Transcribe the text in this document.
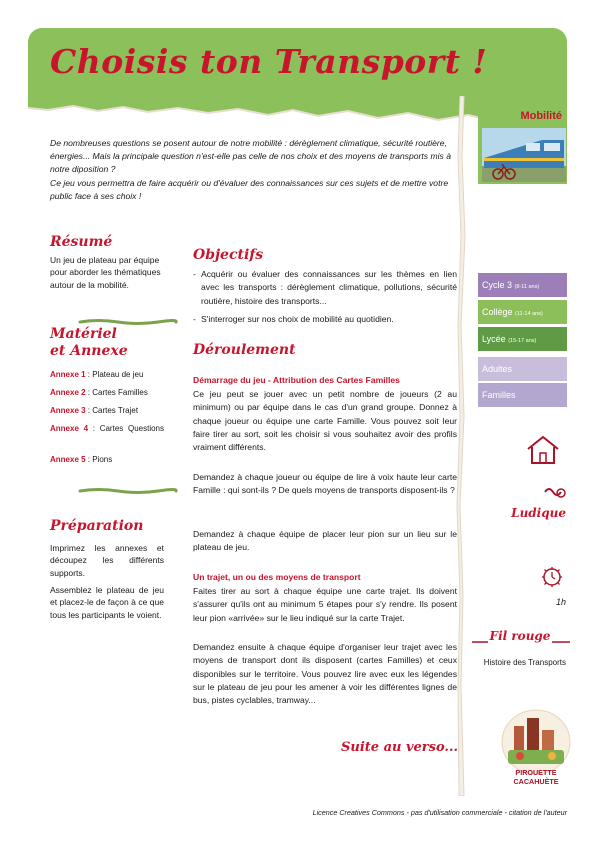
Choisis ton Transport !

De nombreuses questions se posent autour de notre mobilité : dérèglement climatique, sécurité routière, énergies... Mais la principale question n'est-elle pas celle de nos choix et des moyens de transports mis à notre diposition ?

Ce jeu vous permettra de faire acquérir ou d'évaluer des connaissances sur ces sujets et de mettre votre public face à ses choix !

Résumé
Un jeu de plateau par équipe pour aborder les thématiques autour de la mobilité.
Matériel
et Annexe
Annexe 1 : Plateau de jeu
Annexe 2 : Cartes Familles
Annexe 3 : Cartes Trajet
Annexe 4 : Cartes Questions
Annexe 5 : Pions
Préparation
Imprimez les annexes et découpez les différents supports.
Assemblez le plateau de jeu et placez-le de façon à ce que tous les participants le voient.
Objectifs
- Acquérir ou évaluer des connaissances sur les thèmes en lien avec les transports : dérèglement climatique, pollutions, sécurité routière, histoire des transports...
- S'interroger sur nos choix de mobilité au quotidien.
Déroulement
Démarrage du jeu - Attribution des Cartes Familles
Ce jeu peut se jouer avec un petit nombre de joueurs (2 au minimum) ou par équipe dans le cas d'un grand groupe. Donnez à chaque joueur ou équipe une carte Famille. Vous pouvez soit leur faire tirer au sort, soit les choisir si vous souhaitez avoir des profils vraiment différents.
Demandez à chaque joueur ou équipe de lire à voix haute leur carte Famille : qui sont-ils ? De quels moyens de transports disposent-ils ?
Demandez à chaque équipe de placer leur pion sur un lieu sur le plateau de jeu.
Un trajet, un ou des moyens de transport
Faites tirer au sort à chaque équipe une carte trajet. Ils doivent s'assurer qu'ils ont au minimum 5 étapes pour s'y rendre. Ils posent leur pion «arrivée» sur le lieu indiqué sur la carte Trajet.
Demandez ensuite à chaque équipe d'organiser leur trajet avec les moyens de transport dont ils disposent (cartes Familles) et ceux disponibles sur le territoire. Vous pouvez lire avec eux les légendes sur le plateau de jeu pour les amener à voir les différentes lignes de bus, pistes cyclables, tramway...
Suite au verso...
Mobilité
Cycle 3 (8-11 ans)
Collège (11-14 ans)
Lycée (15-17 ans)
Adultes
Familles
Ludique
1h
Fil rouge
Histoire des Transports
PIROUETTE
CACAHUÈTE
Licence Creatives Commons - pas d'utilisation commerciale - citation de l'auteur
